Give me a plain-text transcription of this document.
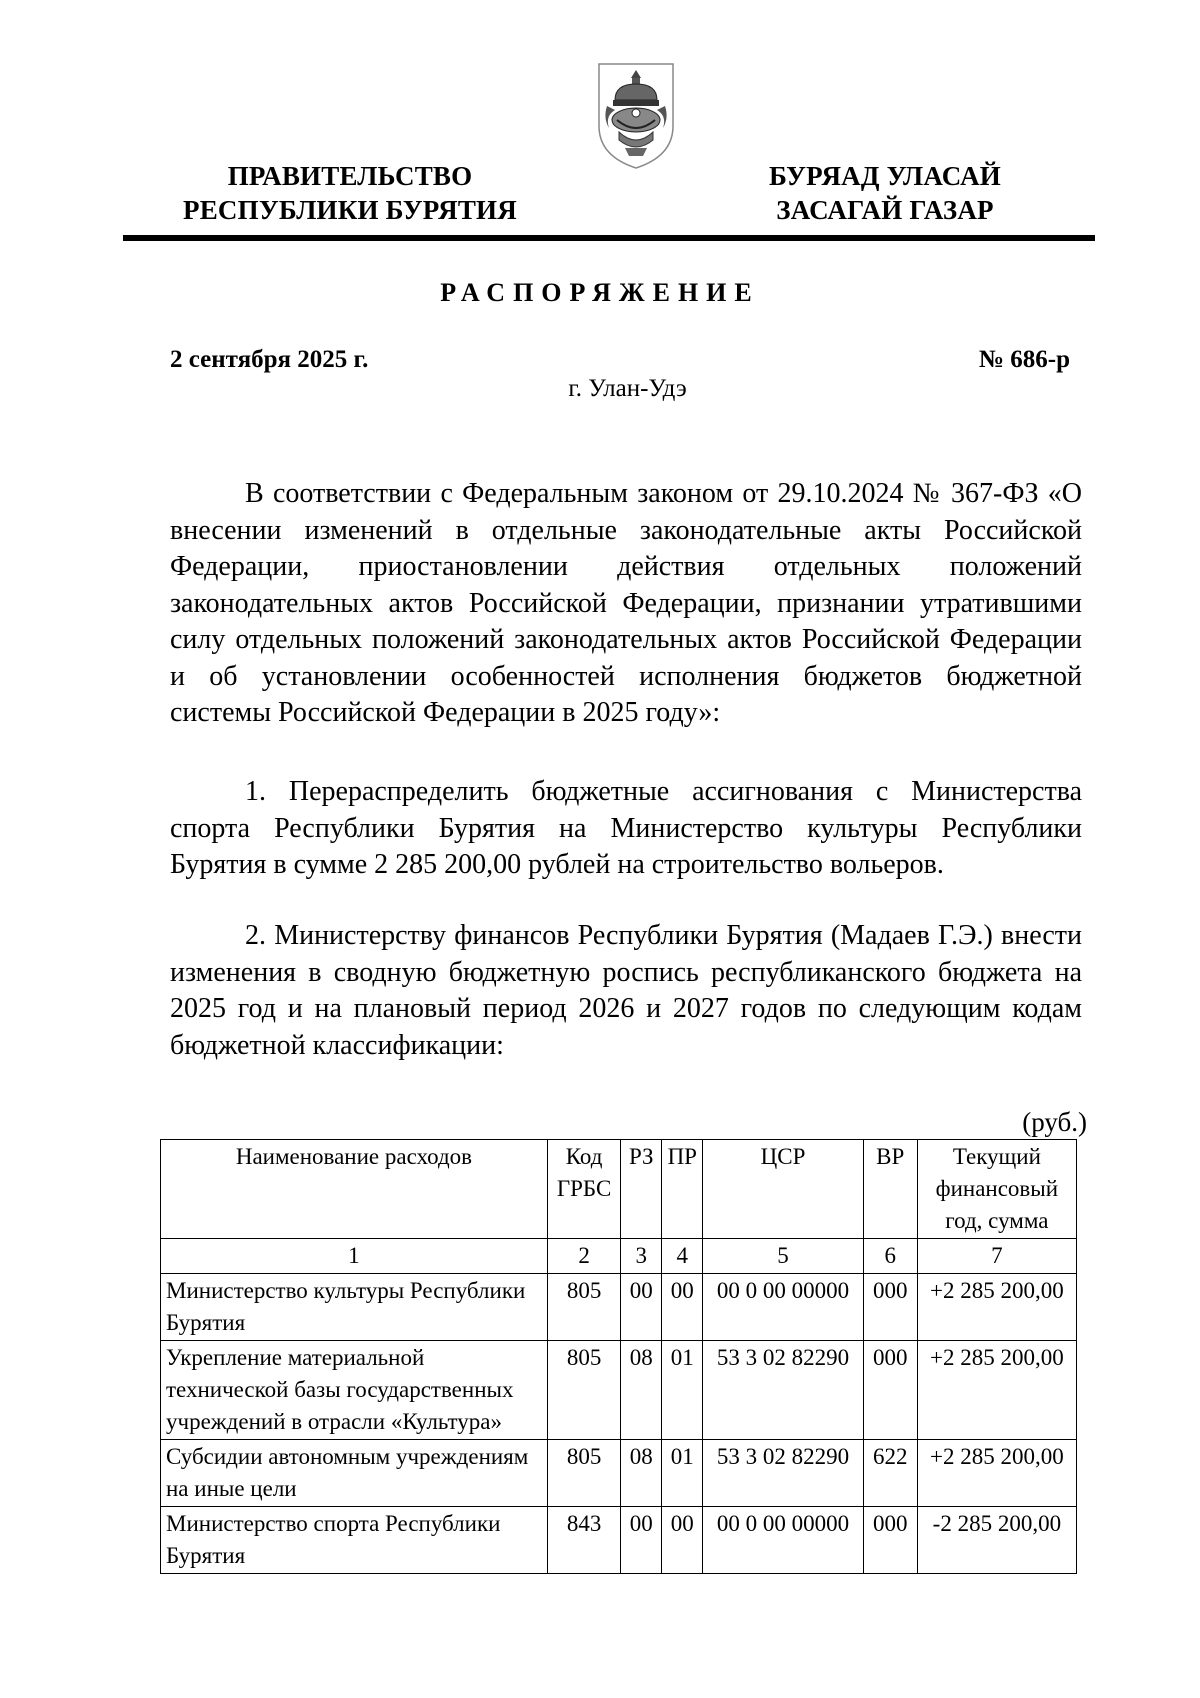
ПРАВИТЕЛЬСТВО
РЕСПУБЛИКИ БУРЯТИЯ
БУРЯАД УЛАСАЙ
ЗАСАГАЙ ГАЗАР
РАСПОРЯЖЕНИЕ
2 сентября 2025 г.	№ 686-р
г. Улан-Удэ

В соответствии с Федеральным законом от 29.10.2024 № 367-ФЗ «О внесении изменений в отдельные законодательные акты Российской Федерации, приостановлении действия отдельных положений законодательных актов Российской Федерации, признании утратившими силу отдельных положений законодательных актов Российской Федерации и об установлении особенностей исполнения бюджетов бюджетной системы Российской Федерации в 2025 году»:

1. Перераспределить бюджетные ассигнования с Министерства спорта Республики Бурятия на Министерство культуры Республики Бурятия в сумме 2 285 200,00 рублей на строительство вольеров.

2. Министерству финансов Республики Бурятия (Мадаев Г.Э.) внести изменения в сводную бюджетную роспись республиканского бюджета на 2025 год и на плановый период 2026 и 2027 годов по следующим кодам бюджетной классификации:

(руб.)
Наименование расходов	Код ГРБС	РЗ	ПР	ЦСР	ВР	Текущий финансовый год, сумма
1	2	3	4	5	6	7
Министерство культуры Республики Бурятия	805	00	00	00 0 00 00000	000	+2 285 200,00
Укрепление материальной технической базы государственных учреждений в отрасли «Культура»	805	08	01	53 3 02 82290	000	+2 285 200,00
Субсидии автономным учреждениям на иные цели	805	08	01	53 3 02 82290	622	+2 285 200,00
Министерство спорта Республики Бурятия	843	00	00	00 0 00 00000	000	-2 285 200,00
